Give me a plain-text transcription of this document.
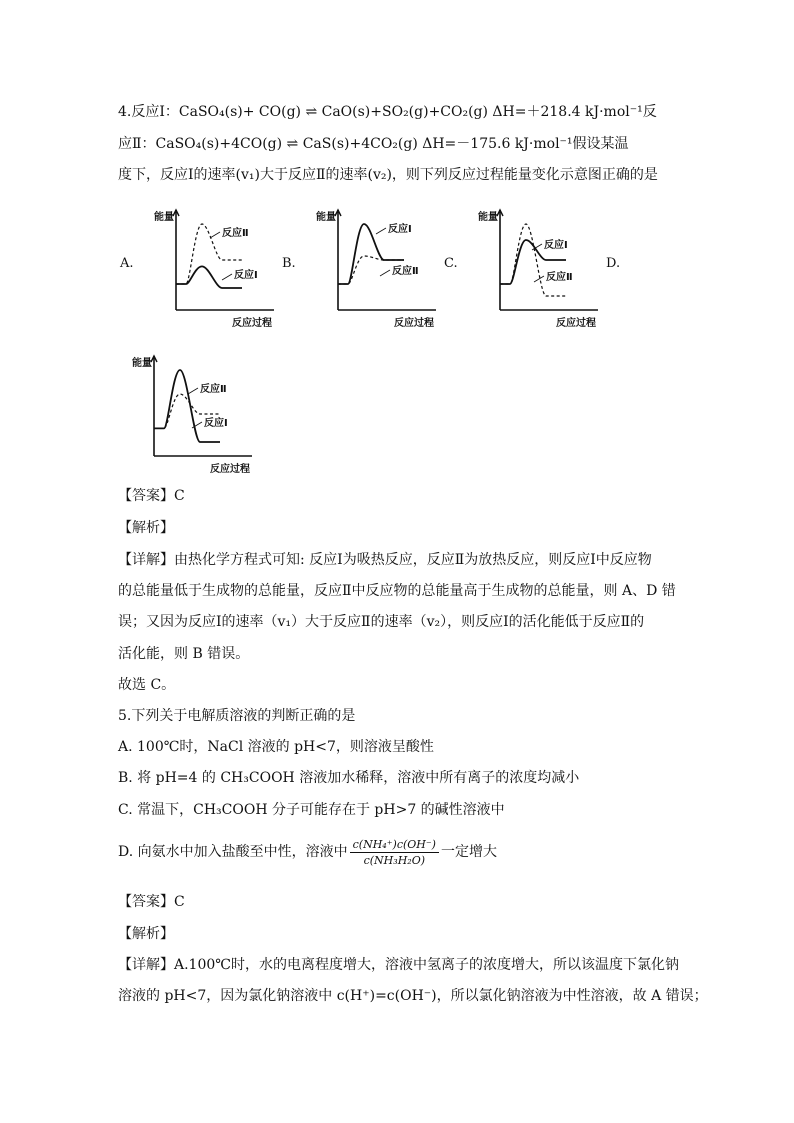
4.反应Ⅰ：CaSO₄(s)+ CO(g) ⇌ CaO(s)+SO₂(g)+CO₂(g) ΔH=＋218.4 kJ·mol⁻¹反
应Ⅱ：CaSO₄(s)+4CO(g) ⇌ CaS(s)+4CO₂(g) ΔH=－175.6 kJ·mol⁻¹假设某温
度下，反应Ⅰ的速率(v₁)大于反应Ⅱ的速率(v₂)，则下列反应过程能量变化示意图正确的是
A.	B.	C.	D.
能量
反应过程
反应Ⅰ
反应Ⅱ
能量
反应过程
反应Ⅰ
反应Ⅱ
能量
反应过程
反应Ⅰ
反应Ⅱ
能量
反应过程
反应Ⅰ
反应Ⅱ
【答案】C
【解析】
【详解】由热化学方程式可知: 反应Ⅰ为吸热反应，反应Ⅱ为放热反应，则反应Ⅰ中反应物
的总能量低于生成物的总能量，反应Ⅱ中反应物的总能量高于生成物的总能量，则 A、D 错
误；又因为反应Ⅰ的速率（v₁）大于反应Ⅱ的速率（v₂），则反应Ⅰ的活化能低于反应Ⅱ的
活化能，则 B 错误。
故选 C。
5.下列关于电解质溶液的判断正确的是
A. 100℃时，NaCl 溶液的 pH<7，则溶液呈酸性
B. 将 pH=4 的 CH₃COOH 溶液加水稀释，溶液中所有离子的浓度均减小
C. 常温下，CH₃COOH 分子可能存在于 pH>7 的碱性溶液中
D. 向氨水中加入盐酸至中性，溶液中 $\frac{\text{c(NH₄⁺)c(OH⁻)}}{\text{c(NH₃H₂O)}}$ 一定增大
【答案】C
【解析】
【详解】A.100℃时，水的电离程度增大，溶液中氢离子的浓度增大，所以该温度下氯化钠
溶液的 pH<7，因为氯化钠溶液中 c(H⁺)=c(OH⁻)，所以氯化钠溶液为中性溶液，故 A 错误；
